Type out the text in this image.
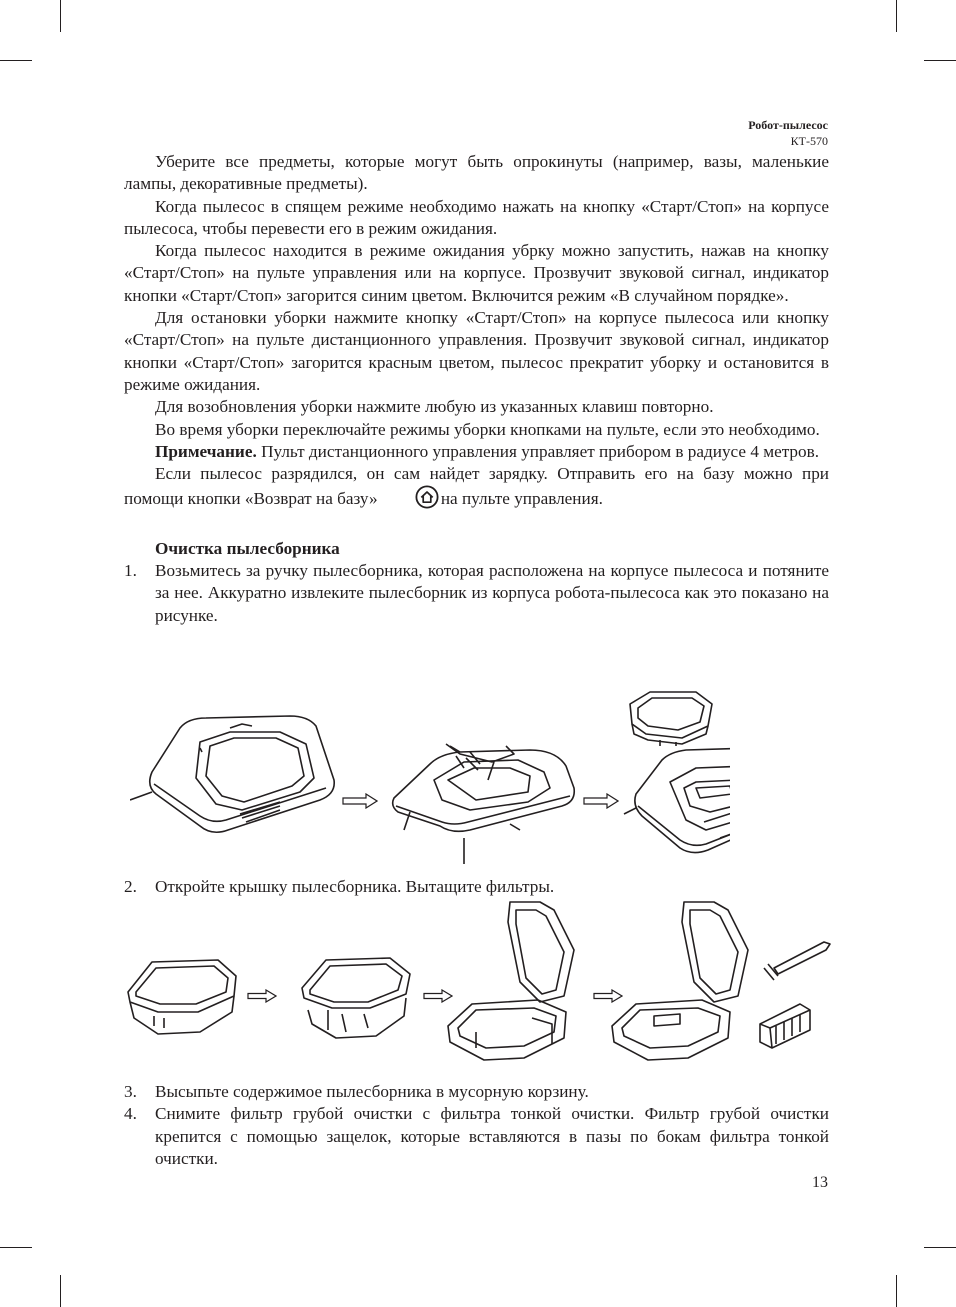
Робот-пылесос
КТ-570

Уберите все предметы, которые могут быть опрокинуты (например, вазы, маленькие лампы, декоративные предметы).

Когда пылесос в спящем режиме необходимо нажать на кнопку «Старт/Стоп» на корпусе пылесоса, чтобы перевести его в режим ожидания.

Когда пылесос находится в режиме ожидания убрку можно запустить, нажав на кнопку «Старт/Стоп» на пульте управления или на корпусе. Прозвучит звуковой сигнал, индикатор кнопки «Старт/Стоп» загорится синим цветом. Включится режим «В случайном порядке».

Для остановки уборки нажмите кнопку «Старт/Стоп» на корпусе пылесоса или кнопку «Старт/Стоп» на пульте дистанционного управления. Прозвучит звуковой сигнал, индикатор кнопки «Старт/Стоп» загорится красным цветом, пылесос прекратит уборку и остановится в режиме ожидания.

Для возобновления уборки нажмите любую из указанных клавиш повторно.

Во время уборки переключайте режимы уборки кнопками на пульте, если это необходимо.

Примечание. Пульт дистанционного управления управляет прибором в радиусе 4 метров.

Если пылесос разрядился, он сам найдет зарядку. Отправить его на базу можно при помощи кнопки «Возврат на базу»	на пульте управления.

Очистка пылесборника

1. Возьмитесь за ручку пылесборника, которая расположена на корпусе пылесоса и потяните за нее. Аккуратно извлеките пылесборник из корпуса робота-пылесоса как это показано на рисунке.
2. Откройте крышку пылесборника. Вытащите фильтры.
3. Высыпьте содержимое пылесборника в мусорную корзину.
4. Снимите фильтр грубой очистки с фильтра тонкой очистки. Фильтр грубой очистки крепится с помощью защелок, которые вставляются в пазы по бокам фильтра тонкой очистки.
13
